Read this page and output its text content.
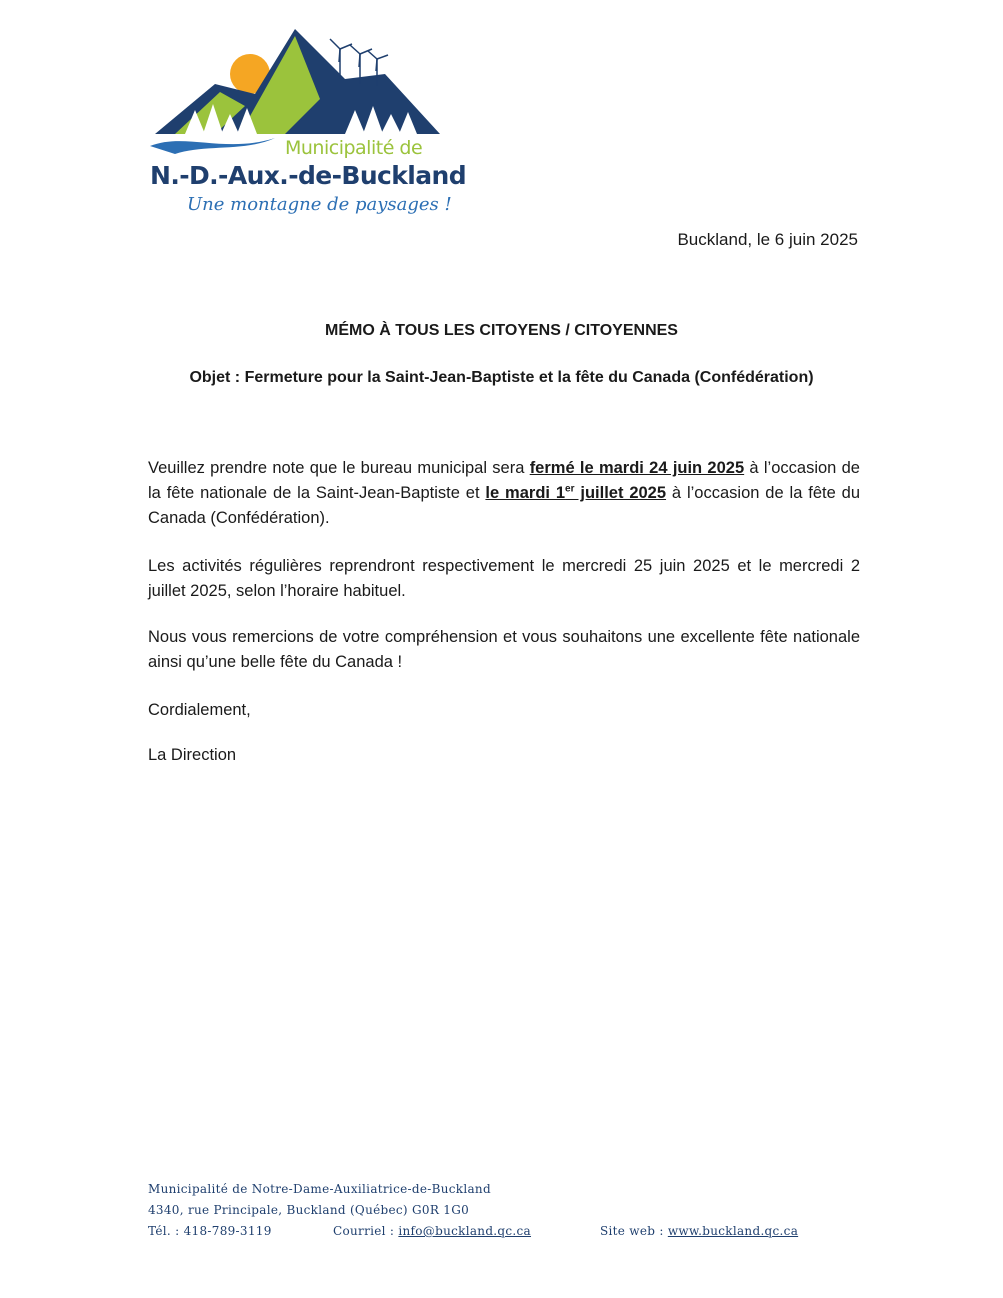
Municipalité de
N.-D.-Aux.-de-Buckland
Une montagne de paysages !
Buckland, le 6 juin 2025
MÉMO À TOUS LES CITOYENS / CITOYENNES
Objet : Fermeture pour la Saint-Jean-Baptiste et la fête du Canada (Confédération)
Veuillez prendre note que le bureau municipal sera fermé le mardi 24 juin 2025 à l’occasion de la fête nationale de la Saint-Jean-Baptiste et le mardi 1er juillet 2025 à l’occasion de la fête du Canada (Confédération).
Les activités régulières reprendront respectivement le mercredi 25 juin 2025 et le mercredi 2 juillet 2025, selon l’horaire habituel.
Nous vous remercions de votre compréhension et vous souhaitons une excellente fête nationale ainsi qu’une belle fête du Canada !
Cordialement,
La Direction
Municipalité de Notre-Dame-Auxiliatrice-de-Buckland
4340, rue Principale, Buckland (Québec) G0R 1G0
Tél. : 418-789-3119	Courriel : info@buckland.qc.ca	Site web : www.buckland.qc.ca
